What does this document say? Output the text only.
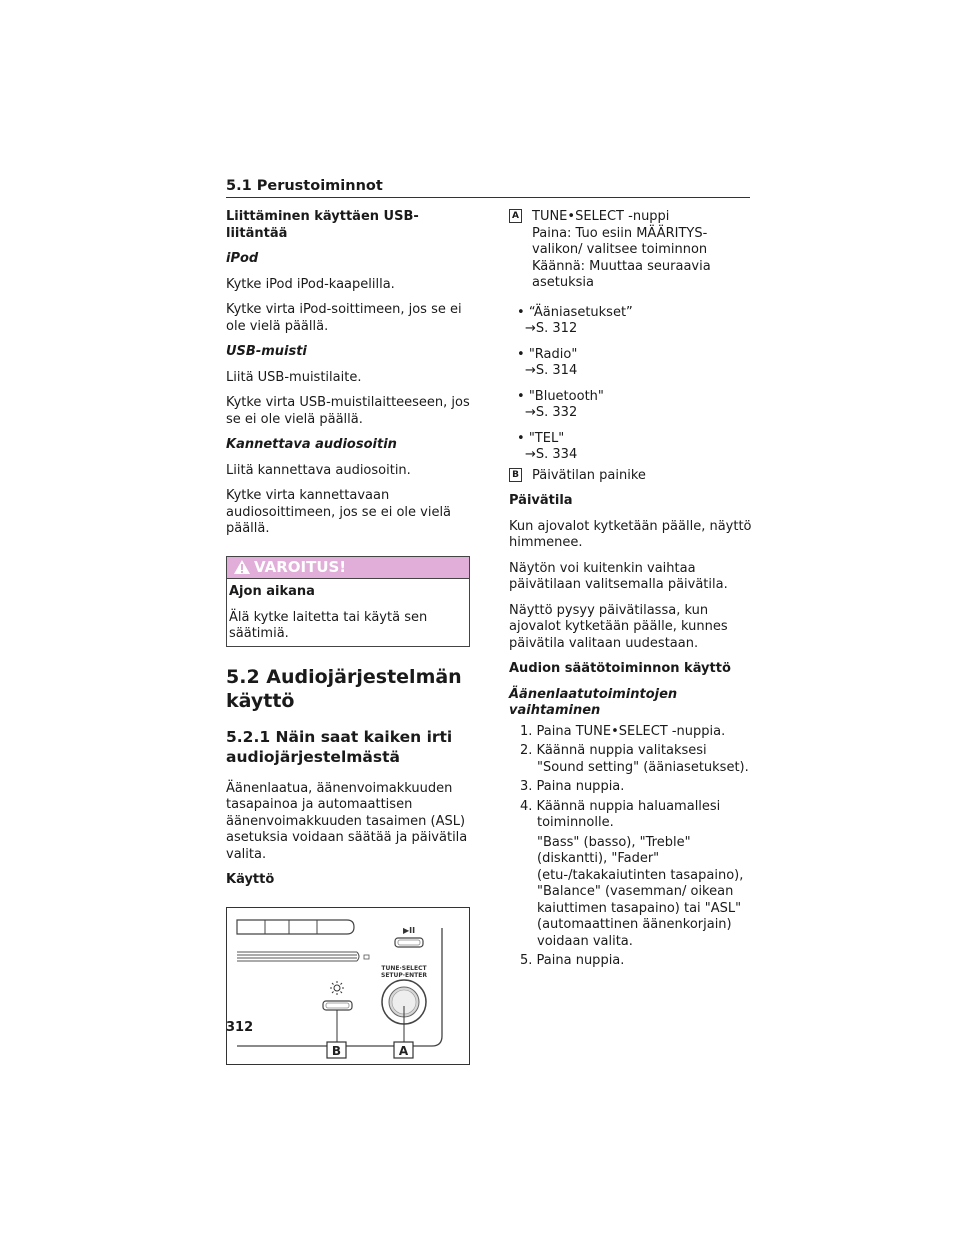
5.1 Perustoiminnot

Liittäminen käyttäen USB-liitäntää

iPod

Kytke iPod iPod-kaapelilla.

Kytke virta iPod-soittimeen, jos se ei ole vielä päällä.

USB-muisti

Liitä USB-muistilaite.

Kytke virta USB-muistilaitteeseen, jos se ei ole vielä päällä.

Kannettava audiosoitin

Liitä kannettava audiosoitin.

Kytke virta kannettavaan audiosoittimeen, jos se ei ole vielä päällä.

VAROITUS!

Ajon aikana

Älä kytke laitetta tai käytä sen säätimiä.

5.2 Audiojärjestelmän käyttö
5.2.1 Näin saat kaiken irti audiojärjestelmästä

Äänenlaatua, äänenvoimakkuuden tasapainoa ja automaattisen äänenvoimakkuuden tasaimen (ASL) asetuksia voidaan säätää ja päivätila valita.

Käyttö

▶II
TUNE·SELECT
SETUP·ENTER
B	A
A TUNE•SELECT -nuppi
Paina: Tuo esiin MÄÄRITYS-valikon/ valitsee toiminnon
Käännä: Muuttaa seuraavia asetuksia
• “Ääniasetukset”
→S. 312
• "Radio"
→S. 314
• "Bluetooth"
→S. 332
• "TEL"
→S. 334
B Päivätilan painike

Päivätila

Kun ajovalot kytketään päälle, näyttö himmenee.

Näytön voi kuitenkin vaihtaa päivätilaan valitsemalla päivätila.

Näyttö pysyy päivätilassa, kun ajovalot kytketään päälle, kunnes päivätila valitaan uudestaan.

Audion säätötoiminnon käyttö

Äänenlaatutoimintojen vaihtaminen

1. Paina TUNE•SELECT -nuppia.
2. Käännä nuppia valitaksesi "Sound setting" (ääniasetukset).
3. Paina nuppia.
4. Käännä nuppia haluamallesi toiminnolle.
"Bass" (basso), "Treble" (diskantti), "Fader" (etu-/takakaiutinten tasapaino), "Balance" (vasemman/ oikean kaiuttimen tasapaino) tai "ASL" (automaattinen äänenkorjain) voidaan valita.
5. Paina nuppia.
312
